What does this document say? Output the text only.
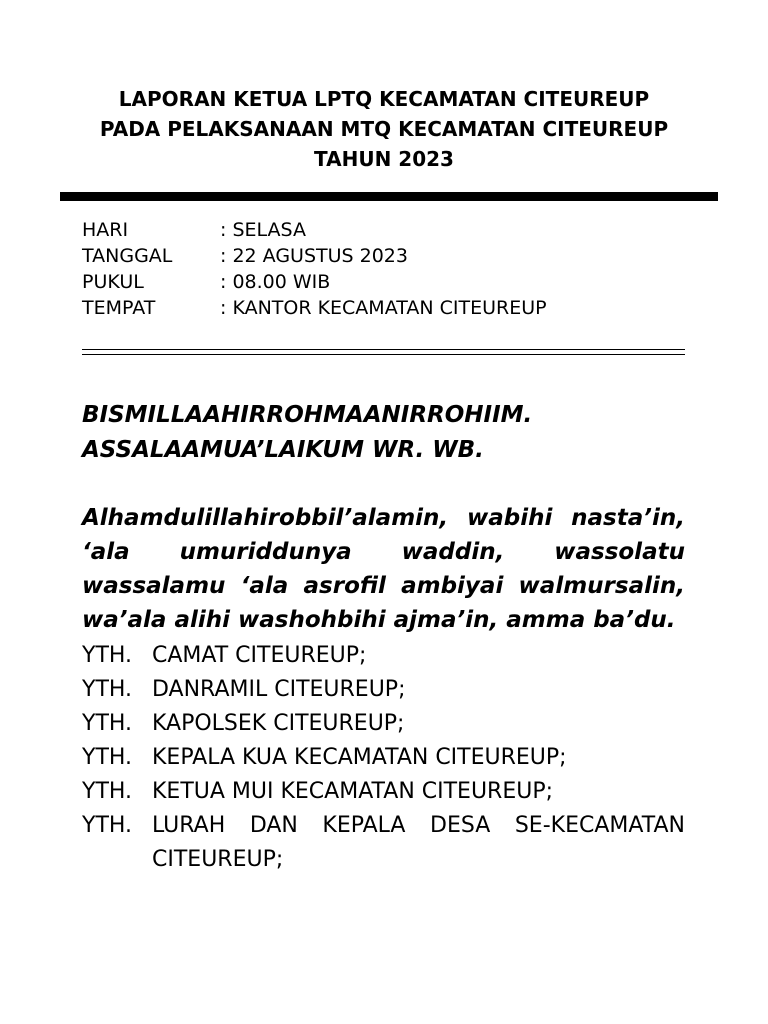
LAPORAN KETUA LPTQ KECAMATAN CITEUREUP
PADA PELAKSANAAN MTQ KECAMATAN CITEUREUP
TAHUN 2023
HARI	: SELASA
TANGGAL	: 22 AGUSTUS 2023
PUKUL	: 08.00 WIB
TEMPAT	: KANTOR KECAMATAN CITEUREUP
BISMILLAAHIRROHMAANIRROHIIM.
ASSALAAMUA’LAIKUM WR. WB.
Alhamdulillahirobbil’alamin, wabihi nasta’in,
‘ala umuriddunya waddin, wassolatu
wassalamu ‘ala asrofil ambiyai walmursalin,
wa’ala alihi washohbihi ajma’in, amma ba’du.
YTH. CAMAT CITEUREUP;
YTH. DANRAMIL CITEUREUP;
YTH. KAPOLSEK CITEUREUP;
YTH. KEPALA KUA KECAMATAN CITEUREUP;
YTH. KETUA MUI KECAMATAN CITEUREUP;
YTH. LURAH DAN KEPALA DESA SE-KECAMATAN
CITEUREUP;
